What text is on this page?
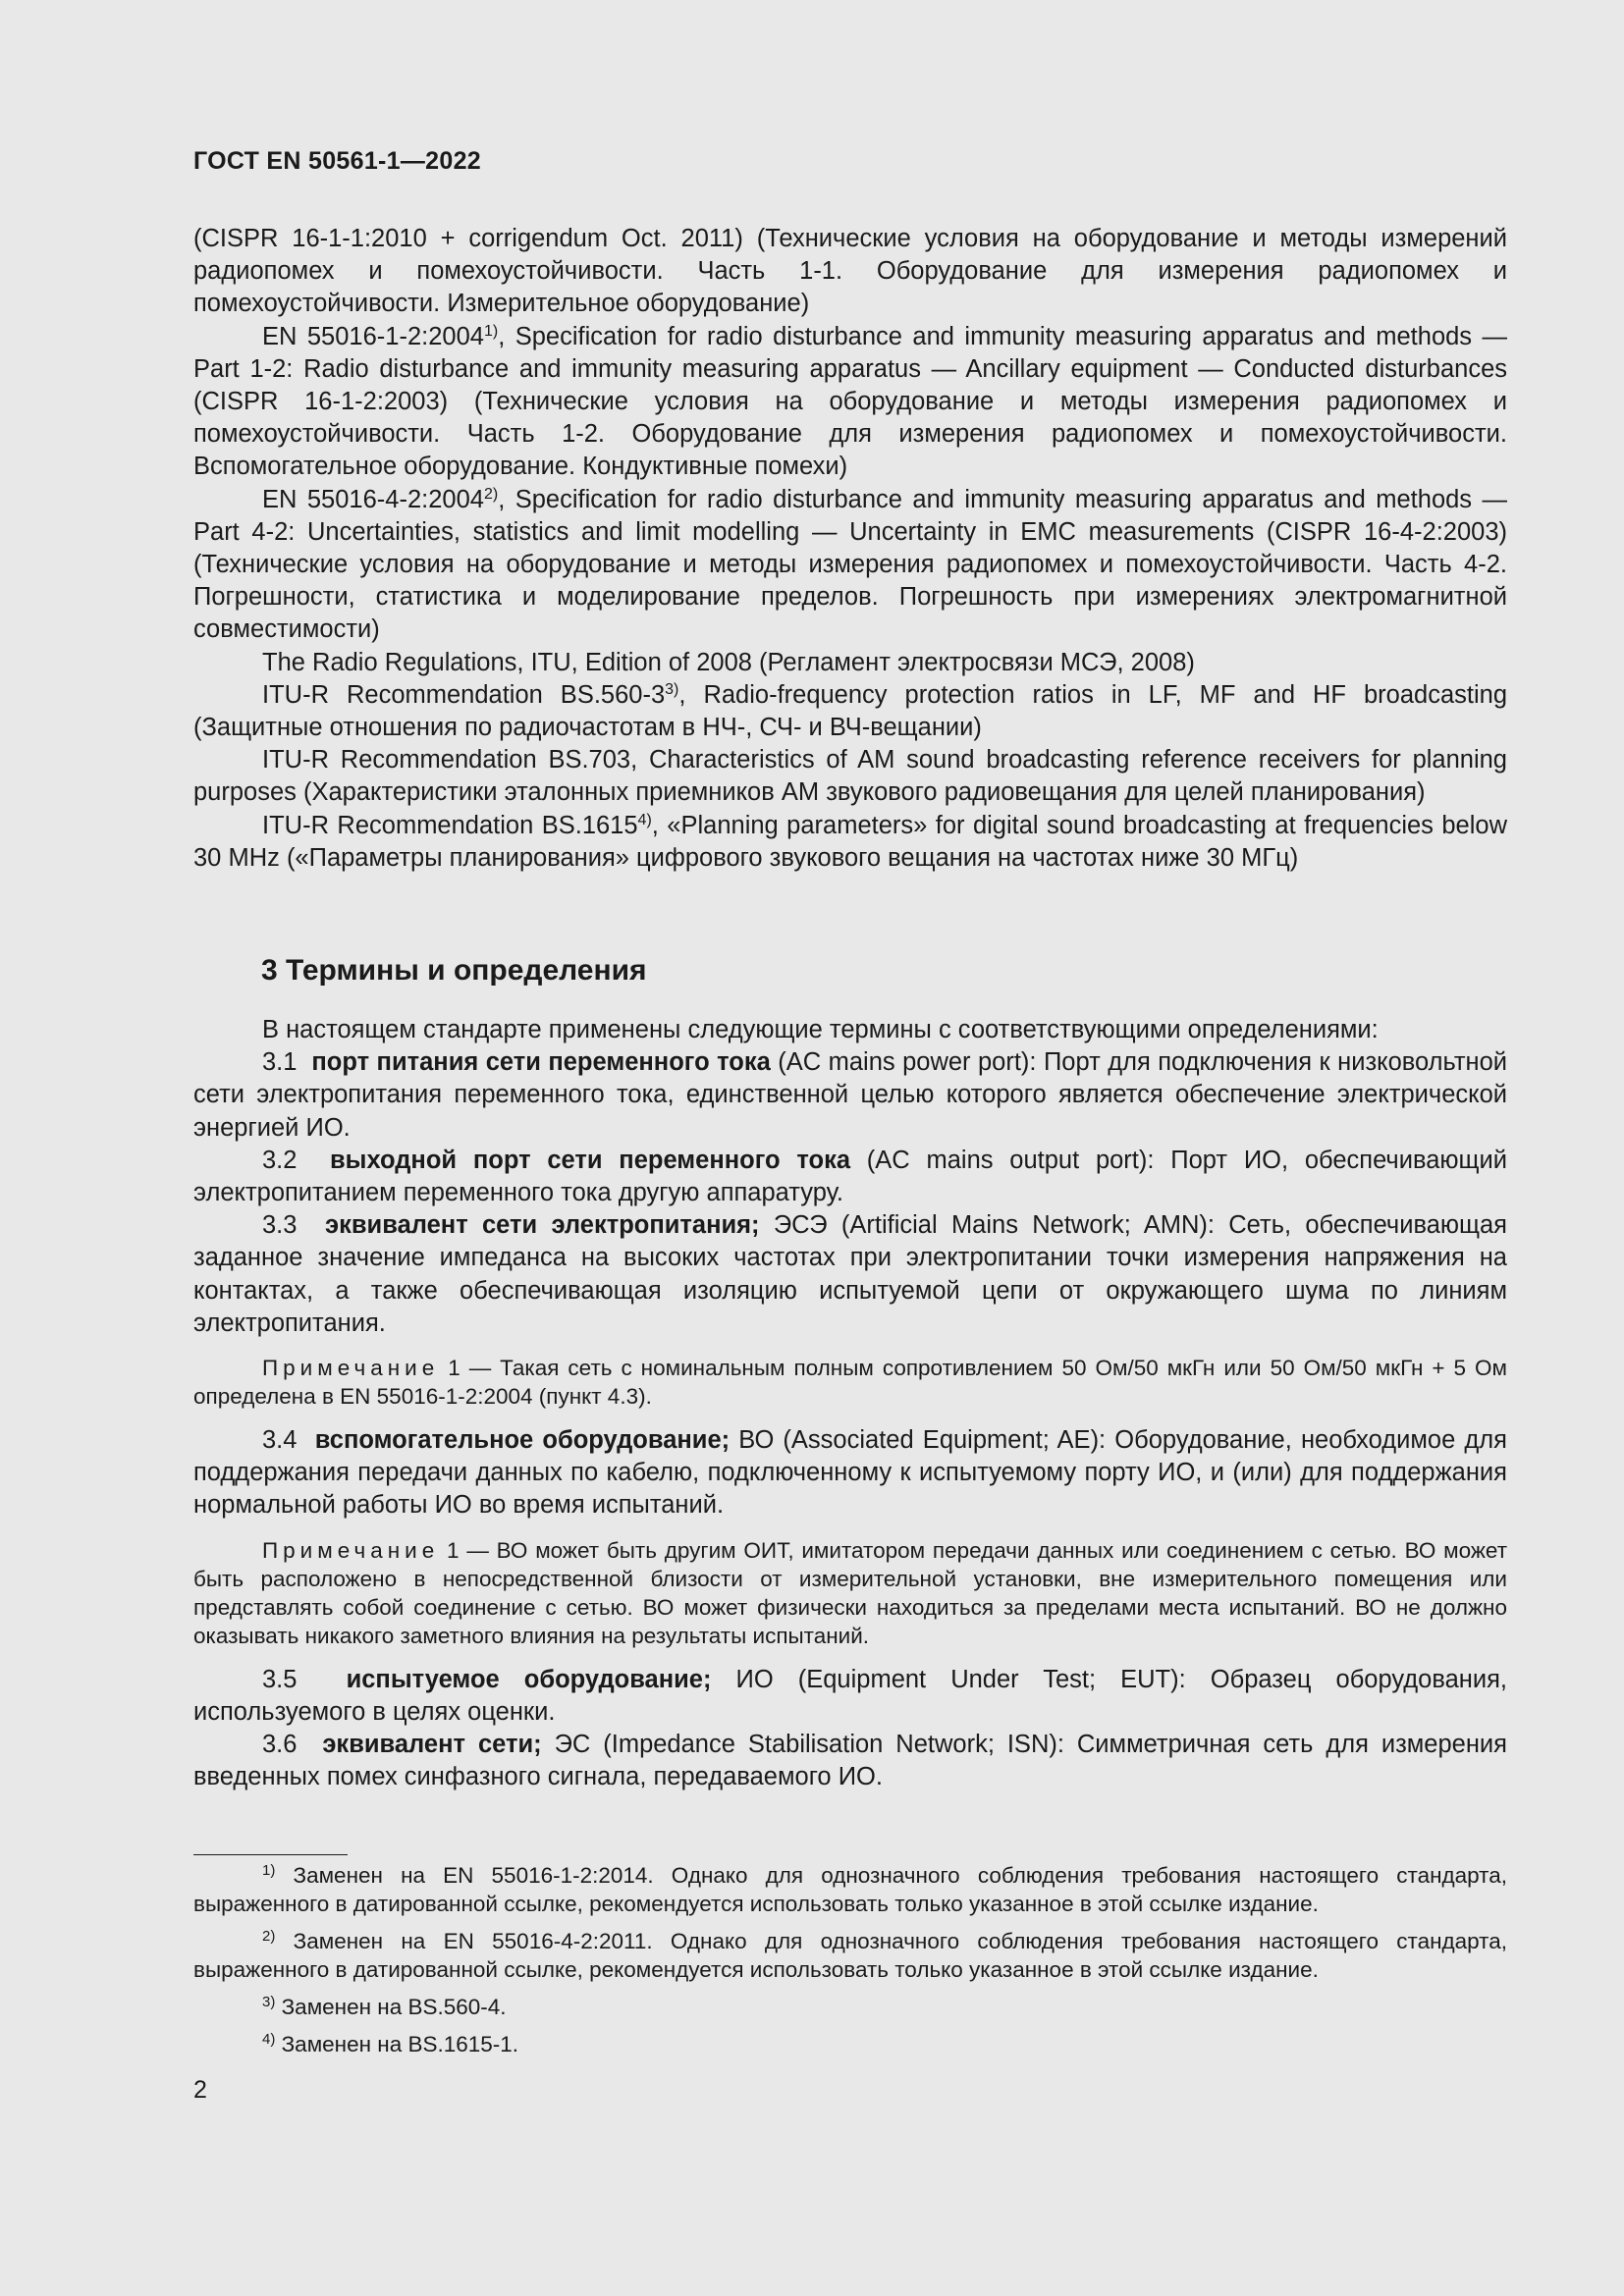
ГОСТ EN 50561-1—2022

(CISPR 16-1-1:2010 + corrigendum Oct. 2011) (Технические условия на оборудование и методы измерений радиопомех и помехоустойчивости. Часть 1-1. Оборудование для измерения радиопомех и помехоустойчивости. Измерительное оборудование)

EN 55016-1-2:2004$^{1)}$, Specification for radio disturbance and immunity measuring apparatus and methods — Part 1-2: Radio disturbance and immunity measuring apparatus — Ancillary equipment — Conducted disturbances (CISPR 16-1-2:2003) (Технические условия на оборудование и методы измерения радиопомех и помехоустойчивости. Часть 1-2. Оборудование для измерения радиопомех и помехоустойчивости. Вспомогательное оборудование. Кондуктивные помехи)

EN 55016-4-2:2004$^{2)}$, Specification for radio disturbance and immunity measuring apparatus and methods — Part 4-2: Uncertainties, statistics and limit modelling — Uncertainty in EMC measurements (CISPR 16-4-2:2003) (Технические условия на оборудование и методы измерения радиопомех и помехоустойчивости. Часть 4-2. Погрешности, статистика и моделирование пределов. Погрешность при измерениях электромагнитной совместимости)

The Radio Regulations, ITU, Edition of 2008 (Регламент электросвязи МСЭ, 2008)

ITU-R Recommendation BS.560-3$^{3)}$, Radio-frequency protection ratios in LF, MF and HF broadcasting (Защитные отношения по радиочастотам в НЧ-, СЧ- и ВЧ-вещании)

ITU-R Recommendation BS.703, Characteristics of AM sound broadcasting reference receivers for planning purposes (Характеристики эталонных приемников АМ звукового радиовещания для целей планирования)

ITU-R Recommendation BS.1615$^{4)}$, «Planning parameters» for digital sound broadcasting at frequencies below 30 MHz («Параметры планирования» цифрового звукового вещания на частотах ниже 30 МГц)

3 Термины и определения

В настоящем стандарте применены следующие термины с соответствующими определениями:

3.1 порт питания сети переменного тока (AC mains power port): Порт для подключения к низковольтной сети электропитания переменного тока, единственной целью которого является обеспечение электрической энергией ИО.

3.2 выходной порт сети переменного тока (AC mains output port): Порт ИО, обеспечивающий электропитанием переменного тока другую аппаратуру.

3.3 эквивалент сети электропитания; ЭСЭ (Artificial Mains Network; AMN): Сеть, обеспечивающая заданное значение импеданса на высоких частотах при электропитании точки измерения напряжения на контактах, а также обеспечивающая изоляцию испытуемой цепи от окружающего шума по линиям электропитания.

Примечание 1 — Такая сеть с номинальным полным сопротивлением 50 Ом/50 мкГн или 50 Ом/50 мкГн + 5 Ом определена в EN 55016-1-2:2004 (пункт 4.3).

3.4 вспомогательное оборудование; ВО (Associated Equipment; AE): Оборудование, необходимое для поддержания передачи данных по кабелю, подключенному к испытуемому порту ИО, и (или) для поддержания нормальной работы ИО во время испытаний.

Примечание 1 — ВО может быть другим ОИТ, имитатором передачи данных или соединением с сетью. ВО может быть расположено в непосредственной близости от измерительной установки, вне измерительного помещения или представлять собой соединение с сетью. ВО может физически находиться за пределами места испытаний. ВО не должно оказывать никакого заметного влияния на результаты испытаний.

3.5 испытуемое оборудование; ИО (Equipment Under Test; EUT): Образец оборудования, используемого в целях оценки.

3.6 эквивалент сети; ЭС (Impedance Stabilisation Network; ISN): Симметричная сеть для измерения введенных помех синфазного сигнала, передаваемого ИО.

$^{1)}$ Заменен на EN 55016-1-2:2014. Однако для однозначного соблюдения требования настоящего стандарта, выраженного в датированной ссылке, рекомендуется использовать только указанное в этой ссылке издание.

$^{2)}$ Заменен на EN 55016-4-2:2011. Однако для однозначного соблюдения требования настоящего стандарта, выраженного в датированной ссылке, рекомендуется использовать только указанное в этой ссылке издание.

$^{3)}$ Заменен на BS.560-4.

$^{4)}$ Заменен на BS.1615-1.

2
